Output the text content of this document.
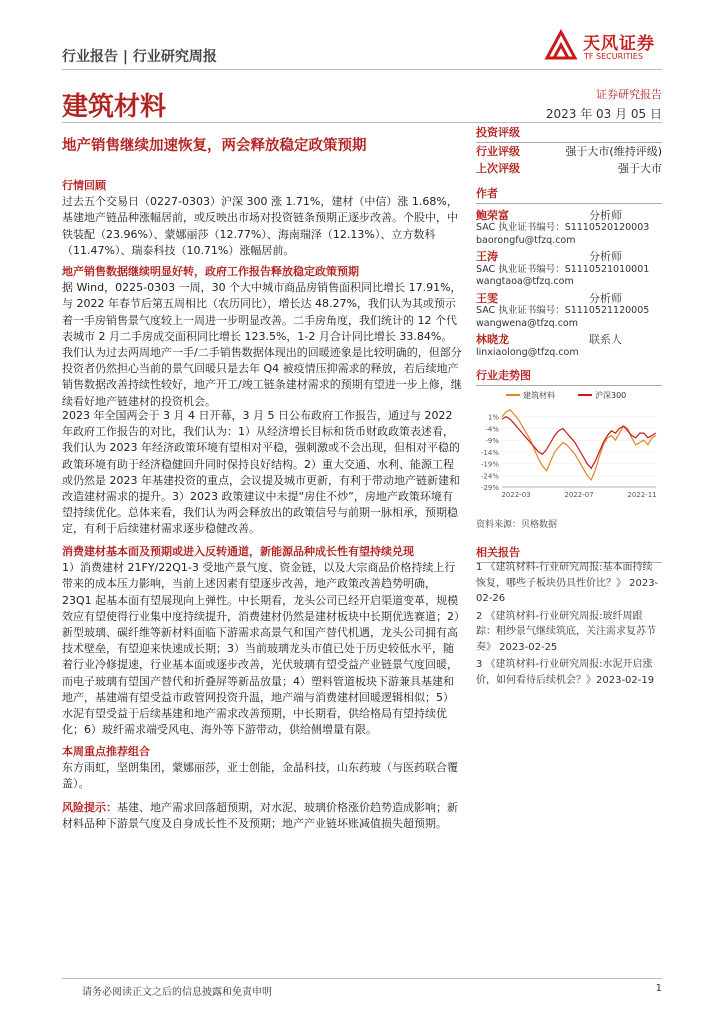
行业报告 | 行业研究周报
天风证券
TF SECURITIES
建筑材料	证券研究报告
2023 年 03 月 05 日
地产销售继续加速恢复，两会释放稳定政策预期
投资评级
行业评级	强于大市(维持评级)
上次评级	强于大市
作者
鲍荣富	分析师
SAC 执业证书编号：S1110520120003
baorongfu@tfzq.com
王涛	分析师
SAC 执业证书编号：S1110521010001
wangtaoa@tfzq.com
王雯	分析师
SAC 执业证书编号：S1110521120005
wangwena@tfzq.com
林晓龙	联系人
linxiaolong@tfzq.com
行业走势图
建筑材料	沪深300
1%
-4%
-9%
-14%
-19%
-24%
-29%
2022-03	2022-07	2022-11
资料来源：贝格数据
相关报告
1 《建筑材料-行业研究周报:基本面持续恢复，哪些子板块仍具性价比？》 2023-02-26
2 《建筑材料-行业研究周报:玻纤周跟踪：粗纱景气继续筑底，关注需求复苏节奏》 2023-02-25
3 《建筑材料-行业研究周报:水泥开启涨价，如何看待后续机会？》2023-02-19

行情回顾

过去五个交易日（0227-0303）沪深 300 涨 1.71%，建材（中信）涨 1.68%，基建地产链品种涨幅居前，或反映出市场对投资链条预期正逐步改善。个股中，中铁装配（23.96%）、蒙娜丽莎（12.77%）、海南瑞泽（12.13%）、立方数科（11.47%）、瑞泰科技（10.71%）涨幅居前。

地产销售数据继续明显好转，政府工作报告释放稳定政策预期

据 Wind，0225-0303 一周，30 个大中城市商品房销售面积同比增长 17.91%，与 2022 年春节后第五周相比（农历同比），增长达 48.27%，我们认为其或预示着一手房销售景气度较上一周进一步明显改善。二手房角度，我们统计的 12 个代表城市 2 月二手房成交面积同比增长 123.5%，1-2 月合计同比增长 33.84%。我们认为过去两周地产一手/二手销售数据体现出的回暖迹象是比较明确的，但部分投资者仍然担心当前的景气回暖只是去年 Q4 被疫情压抑需求的释放，若后续地产销售数据改善持续性较好，地产开工/竣工链条建材需求的预期有望进一步上修，继续看好地产链建材的投资机会。

2023 年全国两会于 3 月 4 日开幕，3 月 5 日公布政府工作报告，通过与 2022 年政府工作报告的对比，我们认为：1）从经济增长目标和货币财政政策表述看，我们认为 2023 年经济政策环境有望相对平稳，强刺激或不会出现，但相对平稳的政策环境有助于经济稳健回升同时保持良好结构。2）重大交通、水利、能源工程或仍然是 2023 年基建投资的重点，会议提及城市更新，有利于带动地产链新建和改造建材需求的提升。3）2023 政策建议中未提“房住不炒”，房地产政策环境有望持续优化。总体来看，我们认为两会释放出的政策信号与前期一脉相承，预期稳定，有利于后续建材需求逐步稳健改善。

消费建材基本面及预期或进入反转通道，新能源品种成长性有望持续兑现

1）消费建材 21FY/22Q1-3 受地产景气度、资金链，以及大宗商品价格持续上行带来的成本压力影响，当前上述因素有望逐步改善，地产政策改善趋势明确，23Q1 起基本面有望展现向上弹性。中长期看，龙头公司已经开启渠道变革，规模效应有望使得行业集中度持续提升，消费建材仍然是建材板块中长期优选赛道；2）新型玻璃、碳纤维等新材料面临下游需求高景气和国产替代机遇，龙头公司拥有高技术壁垒，有望迎来快速成长期；3）当前玻璃龙头市值已处于历史较低水平，随着行业冷修提速，行业基本面或逐步改善，光伏玻璃有望受益产业链景气度回暖，而电子玻璃有望国产替代和折叠屏等新品放量；4）塑料管道板块下游兼具基建和地产，基建端有望受益市政管网投资升温，地产端与消费建材回暖逻辑相似；5）水泥有望受益于后续基建和地产需求改善预期，中长期看，供给格局有望持续优化；6）玻纤需求端受风电、海外等下游带动，供给侧增量有限。

本周重点推荐组合

东方雨虹，坚朗集团，蒙娜丽莎，亚士创能，金晶科技，山东药玻（与医药联合覆盖）。

风险提示：基建、地产需求回落超预期，对水泥、玻璃价格涨价趋势造成影响；新材料品种下游景气度及自身成长性不及预期；地产产业链坏账减值损失超预期。

请务必阅读正文之后的信息披露和免责申明	1
